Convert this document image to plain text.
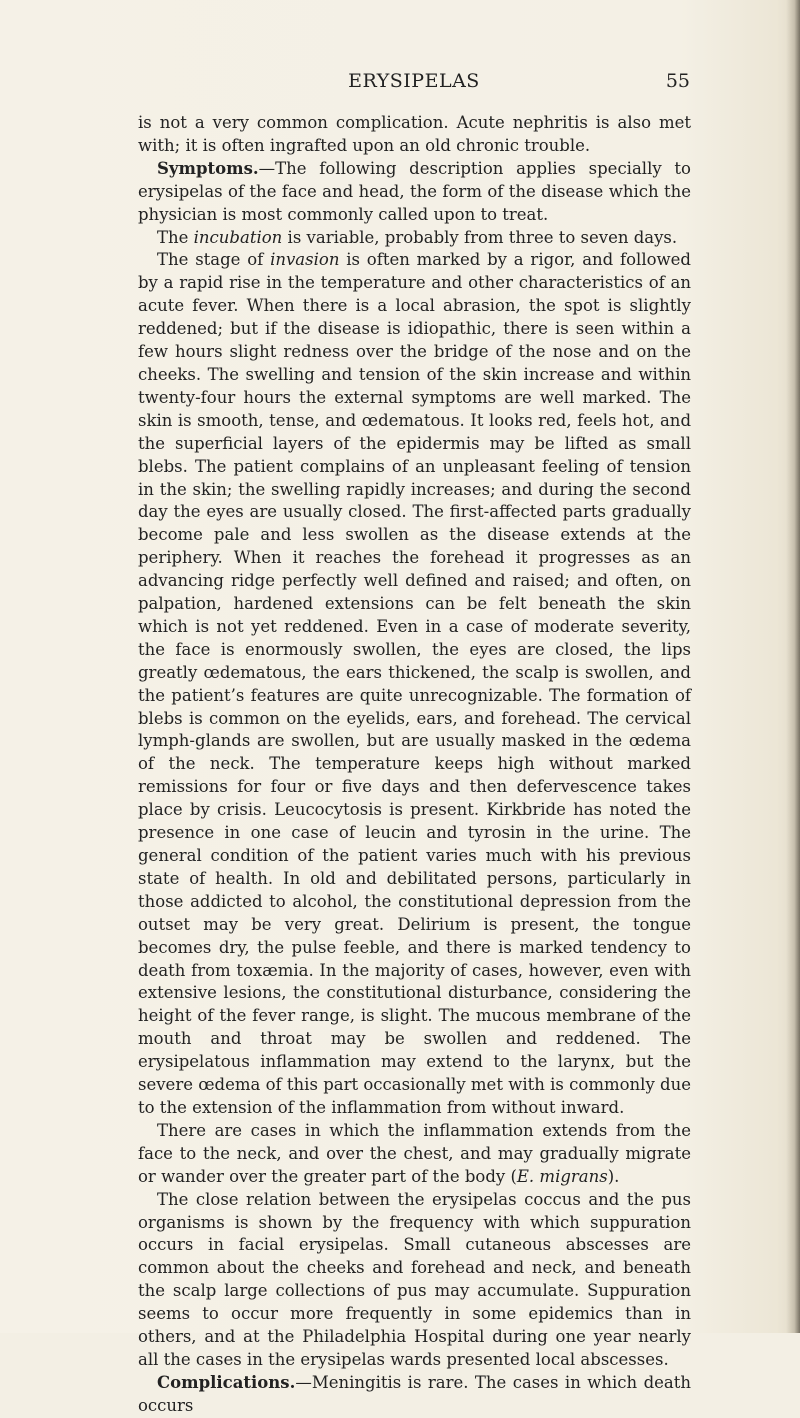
ERYSIPELAS	55

is not a very common complication. Acute nephritis is also met with; it is often ingrafted upon an old chronic trouble.

Symptoms.—The following description applies specially to erysipelas of the face and head, the form of the disease which the physician is most commonly called upon to treat.

The incubation is variable, probably from three to seven days.

The stage of invasion is often marked by a rigor, and followed by a rapid rise in the temperature and other characteristics of an acute fever. When there is a local abrasion, the spot is slightly reddened; but if the disease is idiopathic, there is seen within a few hours slight redness over the bridge of the nose and on the cheeks. The swelling and tension of the skin increase and within twenty-four hours the external symptoms are well marked. The skin is smooth, tense, and œdematous. It looks red, feels hot, and the superficial layers of the epidermis may be lifted as small blebs. The patient complains of an unpleasant feeling of tension in the skin; the swelling rapidly increases; and during the second day the eyes are usually closed. The first-affected parts gradually become pale and less swollen as the disease extends at the periphery. When it reaches the forehead it progresses as an advancing ridge perfectly well defined and raised; and often, on palpation, hardened extensions can be felt beneath the skin which is not yet reddened. Even in a case of moderate severity, the face is enormously swollen, the eyes are closed, the lips greatly œdematous, the ears thickened, the scalp is swollen, and the patient’s features are quite unrecognizable. The formation of blebs is common on the eyelids, ears, and forehead. The cervical lymph-glands are swollen, but are usually masked in the œdema of the neck. The temperature keeps high without marked remissions for four or five days and then defervescence takes place by crisis. Leucocytosis is present. Kirkbride has noted the presence in one case of leucin and tyrosin in the urine. The general condition of the patient varies much with his previous state of health. In old and debilitated persons, particularly in those addicted to alcohol, the constitutional depression from the outset may be very great. Delirium is present, the tongue becomes dry, the pulse feeble, and there is marked tendency to death from toxæmia. In the majority of cases, however, even with extensive lesions, the constitutional disturbance, considering the height of the fever range, is slight. The mucous membrane of the mouth and throat may be swollen and reddened. The erysipelatous inflammation may extend to the larynx, but the severe œdema of this part occasionally met with is commonly due to the extension of the inflammation from without inward.

There are cases in which the inflammation extends from the face to the neck, and over the chest, and may gradually migrate or wander over the greater part of the body (E. migrans).

The close relation between the erysipelas coccus and the pus organisms is shown by the frequency with which suppuration occurs in facial erysipelas. Small cutaneous abscesses are common about the cheeks and forehead and neck, and beneath the scalp large collections of pus may accumulate. Suppuration seems to occur more frequently in some epidemics than in others, and at the Philadelphia Hospital during one year nearly all the cases in the erysipelas wards presented local abscesses.

Complications.—Meningitis is rare. The cases in which death occurs
